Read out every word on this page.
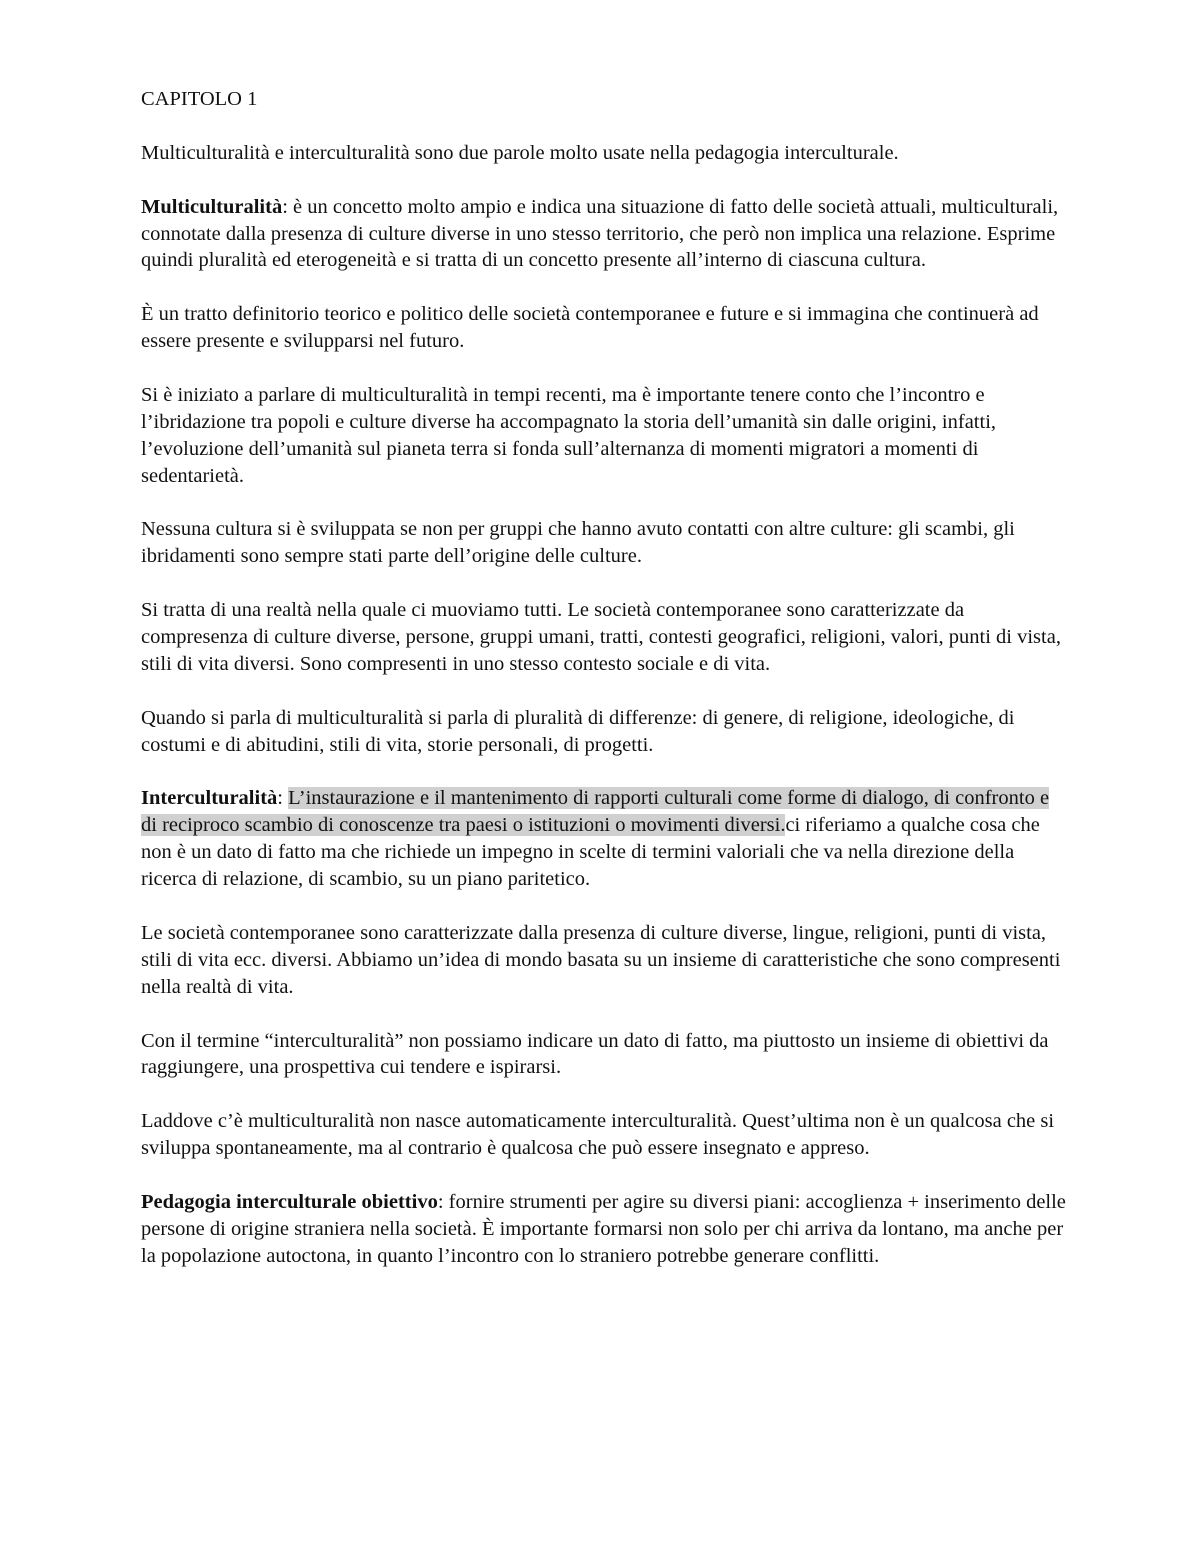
CAPITOLO 1

Multiculturalità e interculturalità sono due parole molto usate nella pedagogia interculturale.

Multiculturalità: è un concetto molto ampio e indica una situazione di fatto delle società attuali, multiculturali, connotate dalla presenza di culture diverse in uno stesso territorio, che però non implica una relazione. Esprime quindi pluralità ed eterogeneità e si tratta di un concetto presente all’interno di ciascuna cultura.

È un tratto definitorio teorico e politico delle società contemporanee e future e si immagina che continuerà ad essere presente e svilupparsi nel futuro.

Si è iniziato a parlare di multiculturalità in tempi recenti, ma è importante tenere conto che l’incontro e l’ibridazione tra popoli e culture diverse ha accompagnato la storia dell’umanità sin dalle origini, infatti, l’evoluzione dell’umanità sul pianeta terra si fonda sull’alternanza di momenti migratori a momenti di sedentarietà.

Nessuna cultura si è sviluppata se non per gruppi che hanno avuto contatti con altre culture: gli scambi, gli ibridamenti sono sempre stati parte dell’origine delle culture.

Si tratta di una realtà nella quale ci muoviamo tutti. Le società contemporanee sono caratterizzate da compresenza di culture diverse, persone, gruppi umani, tratti, contesti geografici, religioni, valori, punti di vista, stili di vita diversi. Sono compresenti in uno stesso contesto sociale e di vita.

Quando si parla di multiculturalità si parla di pluralità di differenze: di genere, di religione, ideologiche, di costumi e di abitudini, stili di vita, storie personali, di progetti.

Interculturalità: L’instaurazione e il mantenimento di rapporti culturali come forme di dialogo, di confronto e di reciproco scambio di conoscenze tra paesi o istituzioni o movimenti diversi.ci riferiamo a qualche cosa che non è un dato di fatto ma che richiede un impegno in scelte di termini valoriali che va nella direzione della ricerca di relazione, di scambio, su un piano paritetico.

Le società contemporanee sono caratterizzate dalla presenza di culture diverse, lingue, religioni, punti di vista, stili di vita ecc. diversi. Abbiamo un’idea di mondo basata su un insieme di caratteristiche che sono compresenti nella realtà di vita.

Con il termine “interculturalità” non possiamo indicare un dato di fatto, ma piuttosto un insieme di obiettivi da raggiungere, una prospettiva cui tendere e ispirarsi.

Laddove c’è multiculturalità non nasce automaticamente interculturalità. Quest’ultima non è un qualcosa che si sviluppa spontaneamente, ma al contrario è qualcosa che può essere insegnato e appreso.

Pedagogia interculturale obiettivo: fornire strumenti per agire su diversi piani: accoglienza + inserimento delle persone di origine straniera nella società. È importante formarsi non solo per chi arriva da lontano, ma anche per la popolazione autoctona, in quanto l’incontro con lo straniero potrebbe generare conflitti.
